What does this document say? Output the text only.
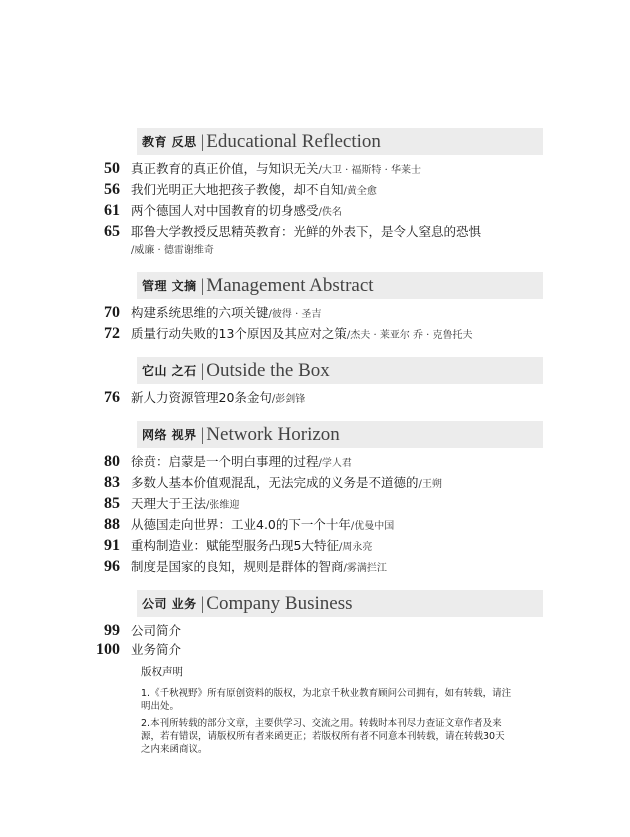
教育 反思 | Educational Reflection
50 真正教育的真正价值，与知识无关/大卫 · 福斯特 · 华莱士
56 我们光明正大地把孩子教傻，却不自知/黄全愈
61 两个德国人对中国教育的切身感受/佚名
65 耶鲁大学教授反思精英教育：光鲜的外表下，是令人窒息的恐惧
/威廉 · 德雷谢维奇
管理 文摘 | Management Abstract
70 构建系统思维的六项关键/彼得 · 圣吉
72 质量行动失败的13个原因及其应对之策/杰夫 · 莱亚尔 乔 · 克鲁托夫
它山 之石 | Outside the Box
76 新人力资源管理20条金句/彭剑锋
网络 视界 | Network Horizon
80 徐贲：启蒙是一个明白事理的过程/学人君
83 多数人基本价值观混乱，无法完成的义务是不道德的/王朔
85 天理大于王法/张维迎
88 从德国走向世界：工业4.0的下一个十年/优曼中国
91 重构制造业：赋能型服务凸现5大特征/周永亮
96 制度是国家的良知，规则是群体的智商/雾满拦江
公司 业务 | Company Business
99 公司简介
100 业务简介
版权声明
1.《千秋视野》所有原创资料的版权，为北京千秋业教育顾问公司拥有，如有转载，请注明出处。
2.本刊所转载的部分文章，主要供学习、交流之用。转载时本刊尽力查证文章作者及来源，若有错误，请版权所有者来函更正；若版权所有者不同意本刊转载，请在转载30天之内来函商议。
